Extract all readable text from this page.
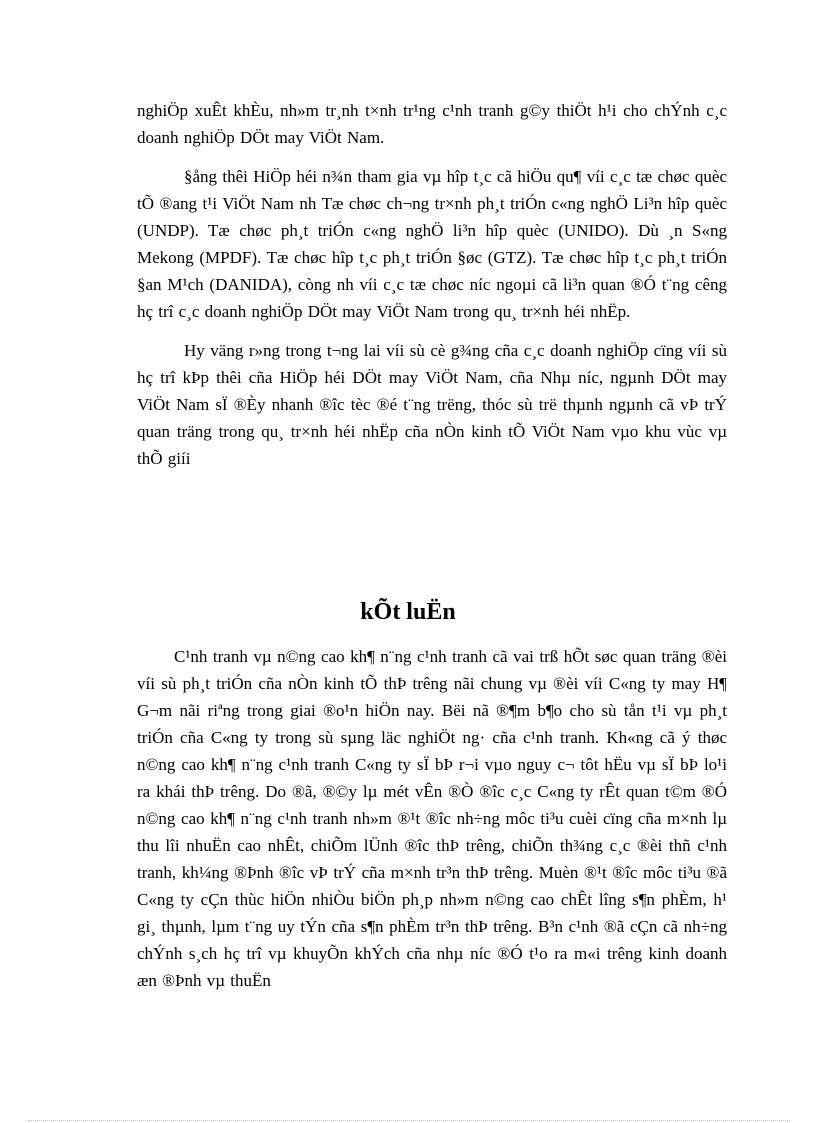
nghiÖp xuÊt khÈu, nh»m tr¸nh t×nh tr¹ng c¹nh tranh g©y thiÖt h¹i cho chÝnh c¸c doanh nghiÖp DÖt may ViÖt Nam.

§ång thêi HiÖp héi n¾n tham gia vµ hîp t¸c cã hiÖu qu¶ víi c¸c tæ chøc quèc tÕ ®ang t¹i ViÖt Nam nh Tæ chøc ch¬ng tr×nh ph¸t triÓn c«ng nghÖ Li³n hîp quèc (UNDP). Tæ chøc ph¸t triÓn c«ng nghÖ li³n hîp quèc (UNIDO). Dù ¸n S«ng Mekong (MPDF). Tæ chøc hîp t¸c ph¸t triÓn §øc (GTZ). Tæ chøc hîp t¸c ph¸t triÓn §an M¹ch (DANIDA), còng nh víi c¸c tæ chøc níc ngoµi cã li³n quan ®Ó t¨ng cêng hç trî c¸c doanh nghiÖp DÖt may ViÖt Nam trong qu¸ tr×nh héi nhËp.

Hy väng r»ng trong t¬ng lai víi sù cè g¾ng cña c¸c doanh nghiÖp cïng víi sù hç trî kÞp thêi cña HiÖp héi DÖt may ViÖt Nam, cña Nhµ níc, ngµnh DÖt may ViÖt Nam sÏ ®Èy nhanh ®îc tèc ®é t¨ng trëng, thóc sù trë thµnh ngµnh cã vÞ trÝ quan träng trong qu¸ tr×nh héi nhËp cña nÒn kinh tÕ ViÖt Nam vµo khu vùc vµ thÕ giíi

kÕt luËn

C¹nh tranh vµ n©ng cao kh¶ n¨ng c¹nh tranh cã vai trß hÕt søc quan träng ®èi víi sù ph¸t triÓn cña nÒn kinh tÕ thÞ trêng nãi chung vµ ®èi víi C«ng ty may H¶ G¬m nãi riªng trong giai ®o¹n hiÖn nay. Bëi nã ®¶m b¶o cho sù tån t¹i vµ ph¸t triÓn cña C«ng ty trong sù sµng läc nghiÖt ng· cña c¹nh tranh. Kh«ng cã ý thøc n©ng cao kh¶ n¨ng c¹nh tranh C«ng ty sÏ bÞ r¬i vµo nguy c¬ tôt hËu vµ sÏ bÞ lo¹i ra khái thÞ trêng. Do ®ã, ®©y lµ mét vÊn ®Ò ®îc c¸c C«ng ty rÊt quan t©m ®Ó n©ng cao kh¶ n¨ng c¹nh tranh nh»m ®¹t ®îc nh÷ng môc ti³u cuèi cïng cña m×nh lµ thu lîi nhuËn cao nhÊt, chiÕm lÜnh ®îc thÞ trêng, chiÕn th¾ng c¸c ®èi thñ c¹nh tranh, kh¼ng ®Þnh ®îc vÞ trÝ cña m×nh tr³n thÞ trêng. Muèn ®¹t ®îc môc ti³u ®ã C«ng ty cÇn thùc hiÖn nhiÒu biÖn ph¸p nh»m n©ng cao chÊt lîng s¶n phÈm, h¹ gi¸ thµnh, lµm t¨ng uy tÝn cña s¶n phÈm tr³n thÞ trêng. B³n c¹nh ®ã cÇn cã nh÷ng chÝnh s¸ch hç trî vµ khuyÕn khÝch cña nhµ níc ®Ó t¹o ra m«i trêng kinh doanh æn ®Þnh vµ thuËn
